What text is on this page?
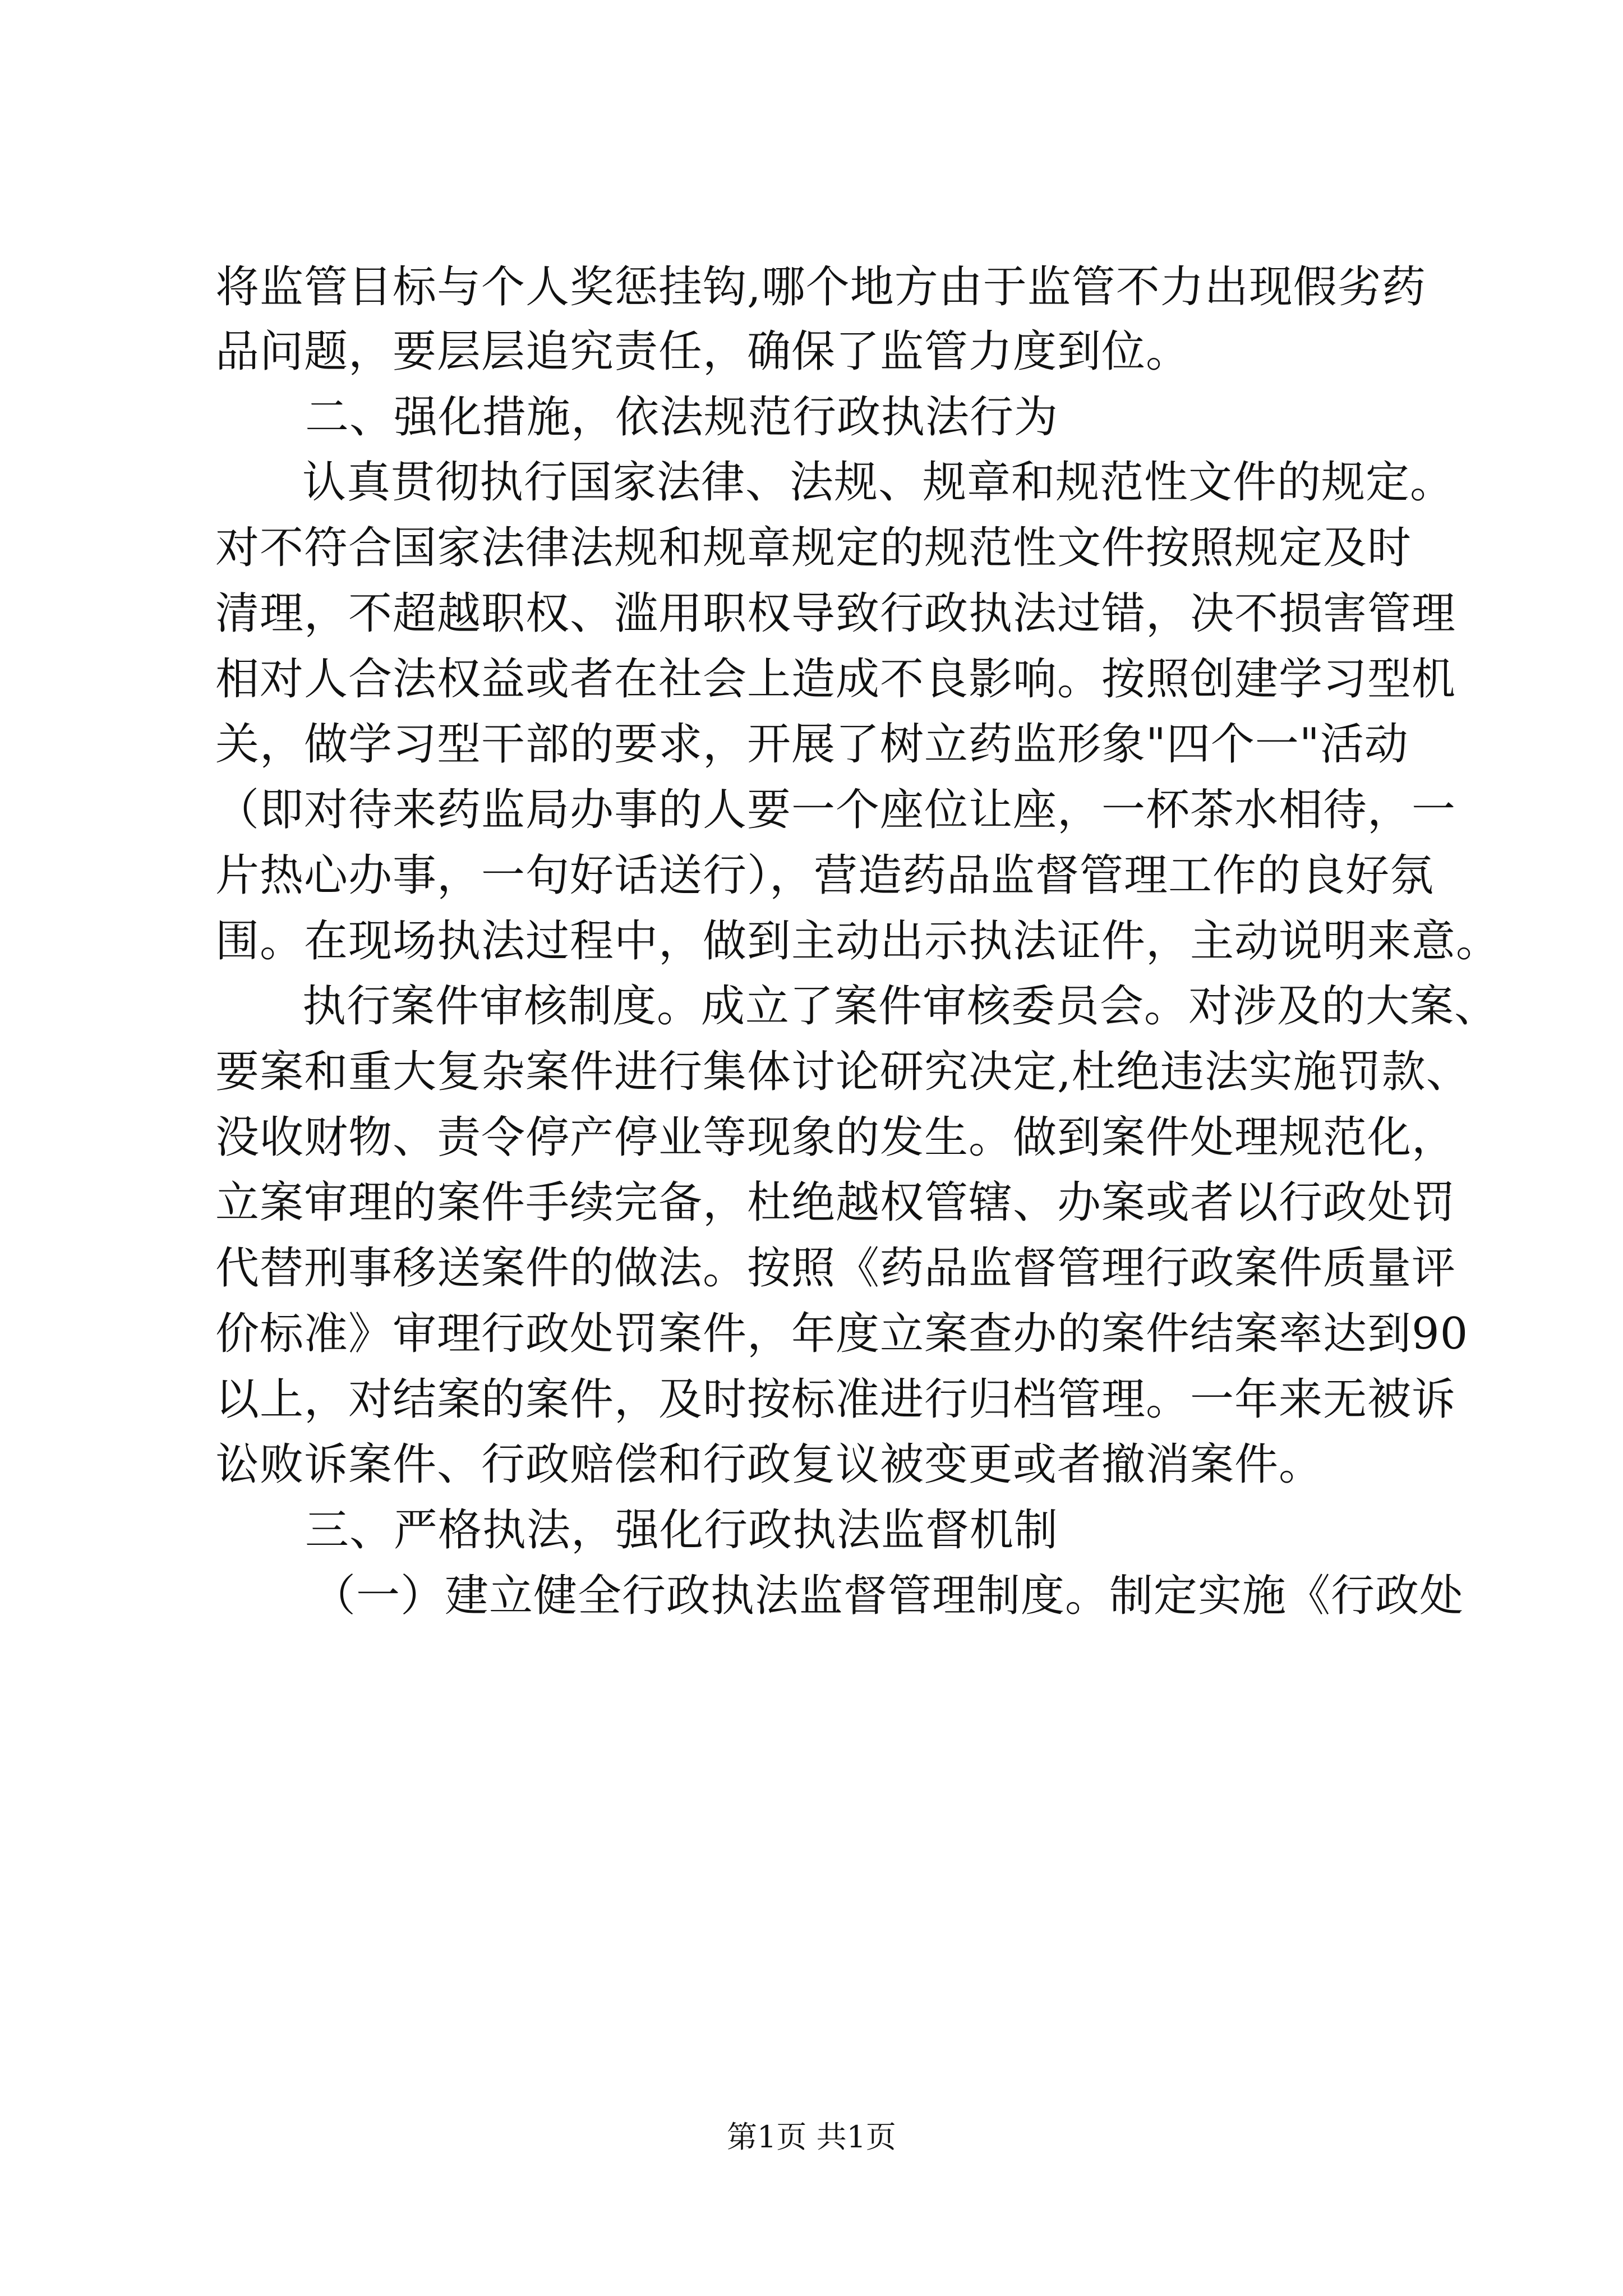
将监管目标与个人奖惩挂钩,哪个地方由于监管不力出现假劣药
品问题，要层层追究责任，确保了监管力度到位。
二、强化措施，依法规范行政执法行为
认真贯彻执行国家法律、法规、规章和规范性文件的规定。
对不符合国家法律法规和规章规定的规范性文件按照规定及时
清理，不超越职权、滥用职权导致行政执法过错，决不损害管理
相对人合法权益或者在社会上造成不良影响。按照创建学习型机
关，做学习型干部的要求，开展了树立药监形象"四个一"活动
（即对待来药监局办事的人要一个座位让座，一杯茶水相待，一
片热心办事，一句好话送行），营造药品监督管理工作的良好氛
围。在现场执法过程中，做到主动出示执法证件，主动说明来意。
执行案件审核制度。成立了案件审核委员会。对涉及的大案、
要案和重大复杂案件进行集体讨论研究决定,杜绝违法实施罚款、
没收财物、责令停产停业等现象的发生。做到案件处理规范化，
立案审理的案件手续完备，杜绝越权管辖、办案或者以行政处罚
代替刑事移送案件的做法。按照《药品监督管理行政案件质量评
价标准》审理行政处罚案件，年度立案查办的案件结案率达到90
以上，对结案的案件，及时按标准进行归档管理。一年来无被诉
讼败诉案件、行政赔偿和行政复议被变更或者撤消案件。
三、严格执法，强化行政执法监督机制
（一）建立健全行政执法监督管理制度。制定实施《行政处
第1页 共1页
